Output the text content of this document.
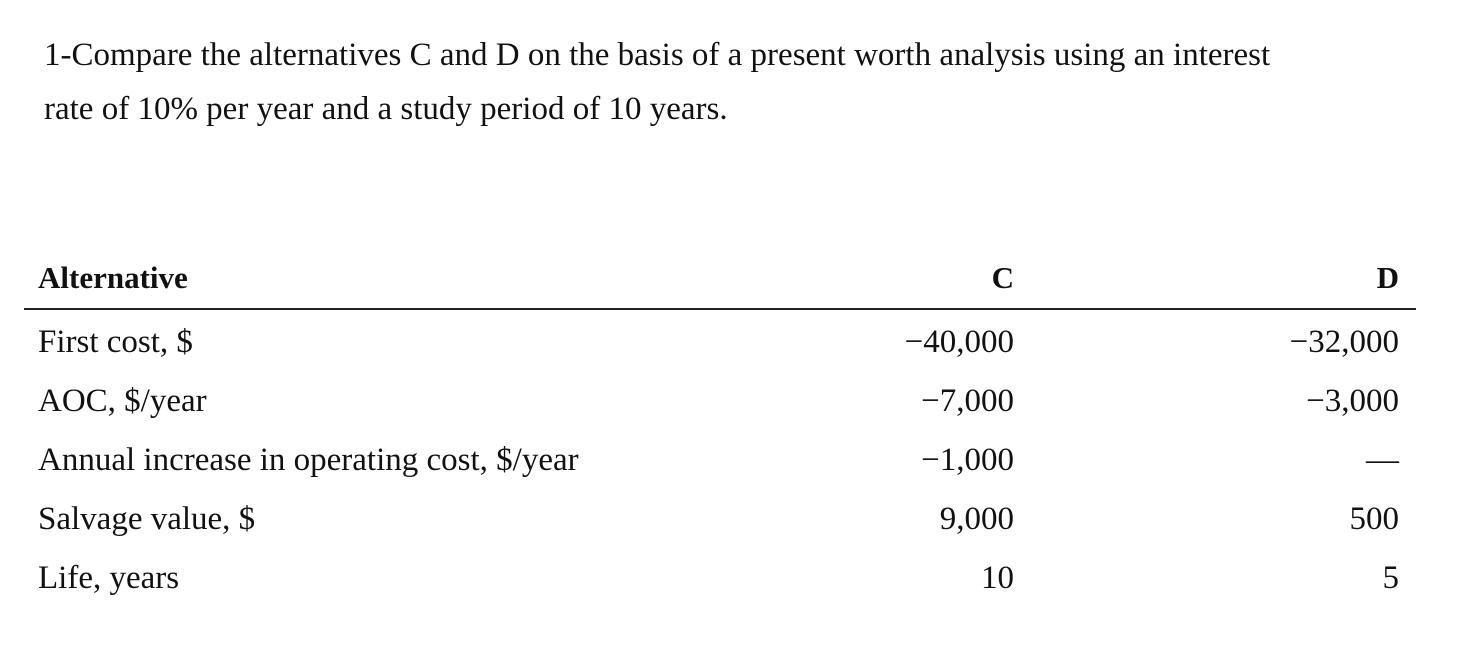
1-Compare the alternatives C and D on the basis of a present worth analysis using an interest
rate of 10% per year and a study period of 10 years.

Alternative	C	D
First cost, $	−40,000	−32,000
AOC, $/year	−7,000	−3,000
Annual increase in operating cost, $/year	−1,000	—
Salvage value, $	9,000	500
Life, years	10	5
